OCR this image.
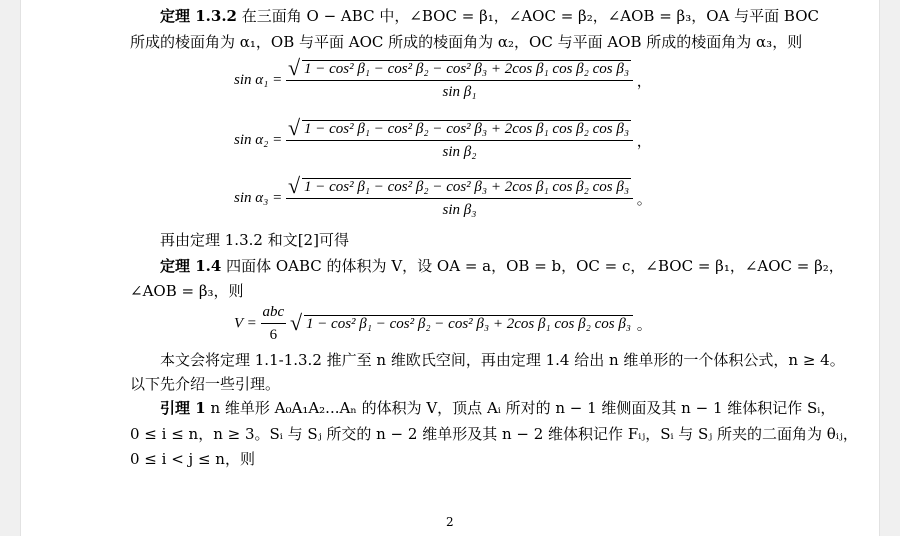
定理 1.3.2 在三面角 O − ABC 中，∠BOC = β₁，∠AOC = β₂，∠AOB = β₃，OA 与平面 BOC
所成的棱面角为 α₁，OB 与平面 AOC 所成的棱面角为 α₂，OC 与平面 AOB 所成的棱面角为 α₃，则
$\sin \alpha_1 = \frac{\text{√ 1 − cos² β₁ − cos² β₂ − cos² β₃ + 2cos β₁ cos β₂ cos β₃}}{\text{sin β₁}}$ ，
$\sin \alpha_2 = \frac{\text{√ 1 − cos² β₁ − cos² β₂ − cos² β₃ + 2cos β₁ cos β₂ cos β₃}}{\text{sin β₂}}$ ，
$\sin \alpha_3 = \frac{\text{√ 1 − cos² β₁ − cos² β₂ − cos² β₃ + 2cos β₁ cos β₂ cos β₃}}{\text{sin β₃}}$ 。
再由定理 1.3.2 和文[2]可得
定理 1.4 四面体 OABC 的体积为 V，设 OA = a，OB = b，OC = c，∠BOC = β₁，∠AOC = β₂，
∠AOB = β₃，则
$V = \frac{\text{abc}}{6}$
√ 1 − cos² β₁ − cos² β₂ − cos² β₃ + 2cos β₁ cos β₂ cos β₃ 。
本文会将定理 1.1-1.3.2 推广至 n 维欧氏空间，再由定理 1.4 给出 n 维单形的一个体积公式，n ≥ 4。
以下先介绍一些引理。
引理 1 n 维单形 A₀A₁A₂...Aₙ 的体积为 V，顶点 Aᵢ 所对的 n − 1 维侧面及其 n − 1 维体积记作 Sᵢ，
0 ≤ i ≤ n，n ≥ 3。Sᵢ 与 Sⱼ 所交的 n − 2 维单形及其 n − 2 维体积记作 Fᵢⱼ，Sᵢ 与 Sⱼ 所夹的二面角为 θᵢⱼ，
0 ≤ i < j ≤ n，则
2
